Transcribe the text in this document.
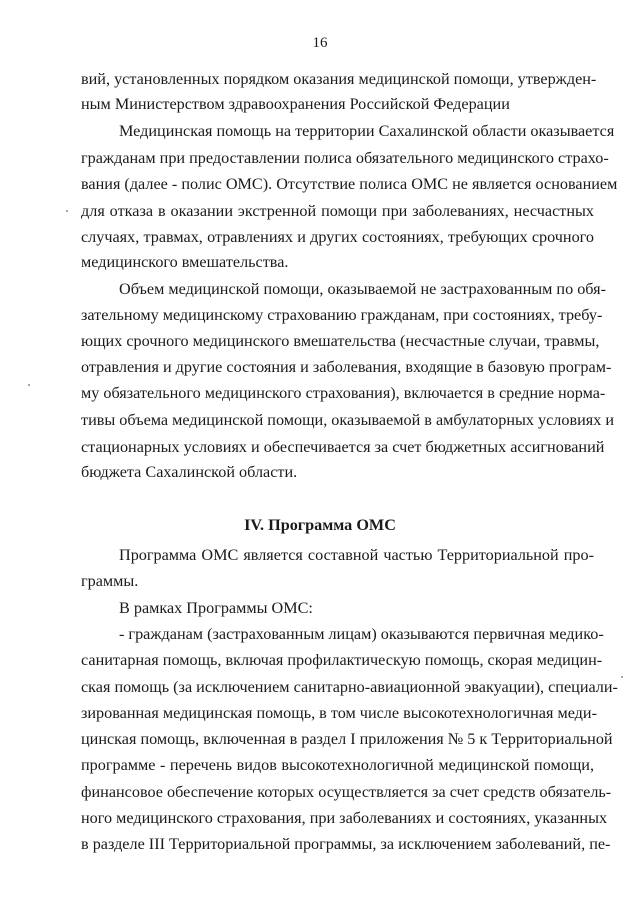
16
вий, установленных порядком оказания медицинской помощи, утвержден-
ным Министерством здравоохранения Российской Федерации
Медицинская помощь на территории Сахалинской области оказывается
гражданам при предоставлении полиса обязательного медицинского страхо-
вания (далее - полис ОМС). Отсутствие полиса ОМС не является основанием
для отказа в оказании экстренной помощи при заболеваниях, несчастных
случаях, травмах, отравлениях и других состояниях, требующих срочного
медицинского вмешательства.
Объем медицинской помощи, оказываемой не застрахованным по обя-
зательному медицинскому страхованию гражданам, при состояниях, требу-
ющих срочного медицинского вмешательства (несчастные случаи, травмы,
отравления и другие состояния и заболевания, входящие в базовую програм-
му обязательного медицинского страхования), включается в средние норма-
тивы объема медицинской помощи, оказываемой в амбулаторных условиях и
стационарных условиях и обеспечивается за счет бюджетных ассигнований
бюджета Сахалинской области.
IV. Программа ОМС
Программа ОМС является составной частью Территориальной про-
граммы.
В рамках Программы ОМС:
- гражданам (застрахованным лицам) оказываются первичная медико-
санитарная помощь, включая профилактическую помощь, скорая медицин-
ская помощь (за исключением санитарно-авиационной эвакуации), специали-
зированная медицинская помощь, в том числе высокотехнологичная меди-
цинская помощь, включенная в раздел I приложения № 5 к Территориальной
программе - перечень видов высокотехнологичной медицинской помощи,
финансовое обеспечение которых осуществляется за счет средств обязатель-
ного медицинского страхования, при заболеваниях и состояниях, указанных
в разделе III Территориальной программы, за исключением заболеваний, пе-
